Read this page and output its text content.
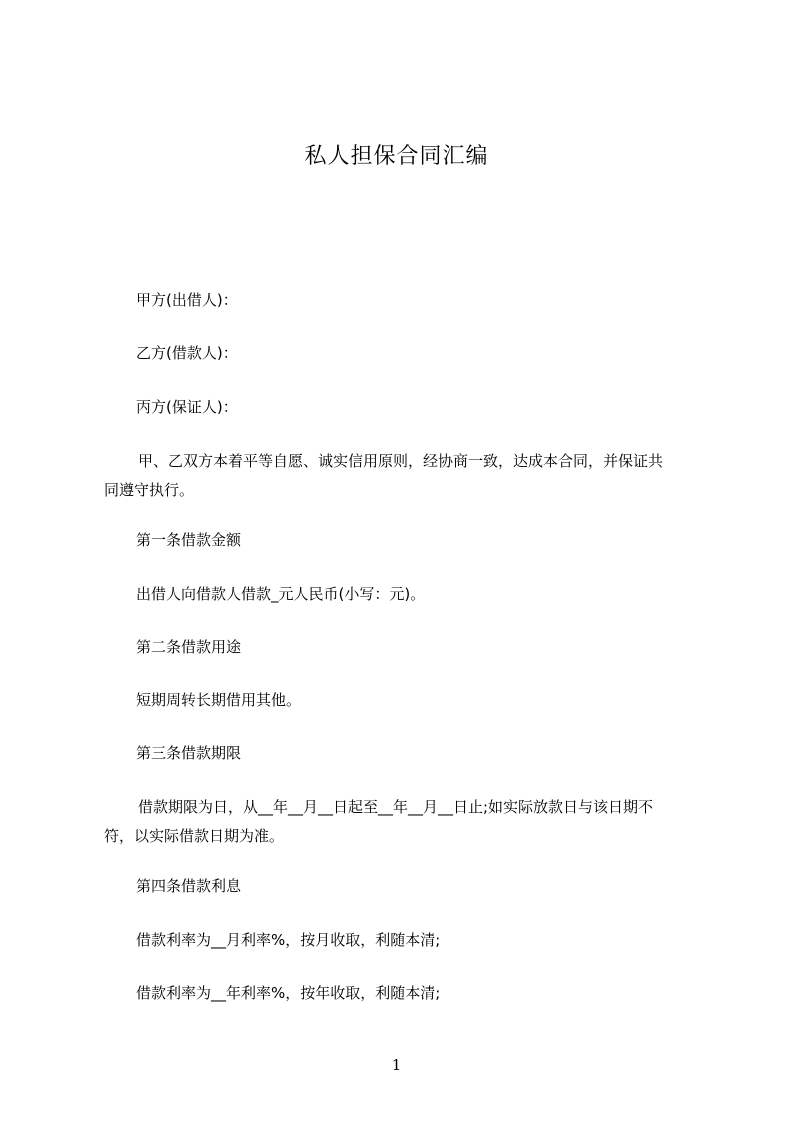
私人担保合同汇编
甲方(出借人)：
乙方(借款人)：
丙方(保证人)：
甲、乙双方本着平等自愿、诚实信用原则，经协商一致，达成本合同，并保证共
同遵守执行。
第一条借款金额
出借人向借款人借款_元人民币(小写：元)。
第二条借款用途
短期周转长期借用其他。
第三条借款期限
借款期限为日，从__年__月__日起至__年__月__日止;如实际放款日与该日期不
符，以实际借款日期为准。
第四条借款利息
借款利率为__月利率%，按月收取，利随本清;
借款利率为__年利率%，按年收取，利随本清;
1
